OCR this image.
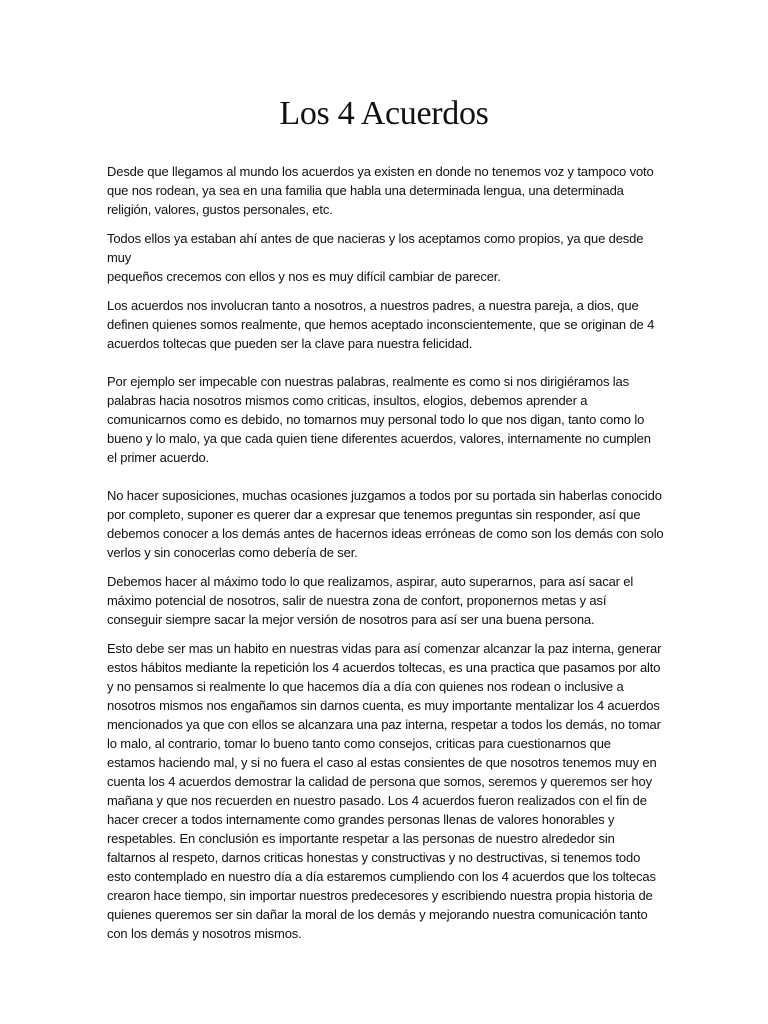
Los 4 Acuerdos

Desde que llegamos al mundo los acuerdos ya existen en donde no tenemos voz y tampoco voto
que nos rodean, ya sea en una familia que habla una determinada lengua, una determinada
religión, valores, gustos personales, etc.

Todos ellos ya estaban ahí antes de que nacieras y los aceptamos como propios, ya que desde muy
pequeños crecemos con ellos y nos es muy difícil cambiar de parecer.

Los acuerdos nos involucran tanto a nosotros, a nuestros padres, a nuestra pareja, a dios, que
definen quienes somos realmente, que hemos aceptado inconscientemente, que se originan de 4
acuerdos toltecas que pueden ser la clave para nuestra felicidad.

Por ejemplo ser impecable con nuestras palabras, realmente es como si nos dirigiéramos las
palabras hacia nosotros mismos como criticas, insultos, elogios, debemos aprender a
comunicarnos como es debido, no tomarnos muy personal todo lo que nos digan, tanto como lo
bueno y lo malo, ya que cada quien tiene diferentes acuerdos, valores, internamente no cumplen
el primer acuerdo.

No hacer suposiciones, muchas ocasiones juzgamos a todos por su portada sin haberlas conocido
por completo, suponer es querer dar a expresar que tenemos preguntas sin responder, así que
debemos conocer a los demás antes de hacernos ideas erróneas de como son los demás con solo
verlos y sin conocerlas como debería de ser.

Debemos hacer al máximo todo lo que realizamos, aspirar, auto superarnos, para así sacar el
máximo potencial de nosotros, salir de nuestra zona de confort, proponernos metas y así
conseguir siempre sacar la mejor versión de nosotros para así ser una buena persona.

Esto debe ser mas un habito en nuestras vidas para así comenzar alcanzar la paz interna, generar
estos hábitos mediante la repetición los 4 acuerdos toltecas, es una practica que pasamos por alto
y no pensamos si realmente lo que hacemos día a día con quienes nos rodean o inclusive a
nosotros mismos nos engañamos sin darnos cuenta, es muy importante mentalizar los 4 acuerdos
mencionados ya que con ellos se alcanzara una paz interna, respetar a todos los demás, no tomar
lo malo, al contrario, tomar lo bueno tanto como consejos, criticas para cuestionarnos que
estamos haciendo mal, y si no fuera el caso al estas consientes de que nosotros tenemos muy en
cuenta los 4 acuerdos demostrar la calidad de persona que somos, seremos y queremos ser hoy
mañana y que nos recuerden en nuestro pasado. Los 4 acuerdos fueron realizados con el fin de
hacer crecer a todos internamente como grandes personas llenas de valores honorables y
respetables. En conclusión es importante respetar a las personas de nuestro alrededor sin
faltarnos al respeto, darnos criticas honestas y constructivas y no destructivas, si tenemos todo
esto contemplado en nuestro día a día estaremos cumpliendo con los 4 acuerdos que los toltecas
crearon hace tiempo, sin importar nuestros predecesores y escribiendo nuestra propia historia de
quienes queremos ser sin dañar la moral de los demás y mejorando nuestra comunicación tanto
con los demás y nosotros mismos.
